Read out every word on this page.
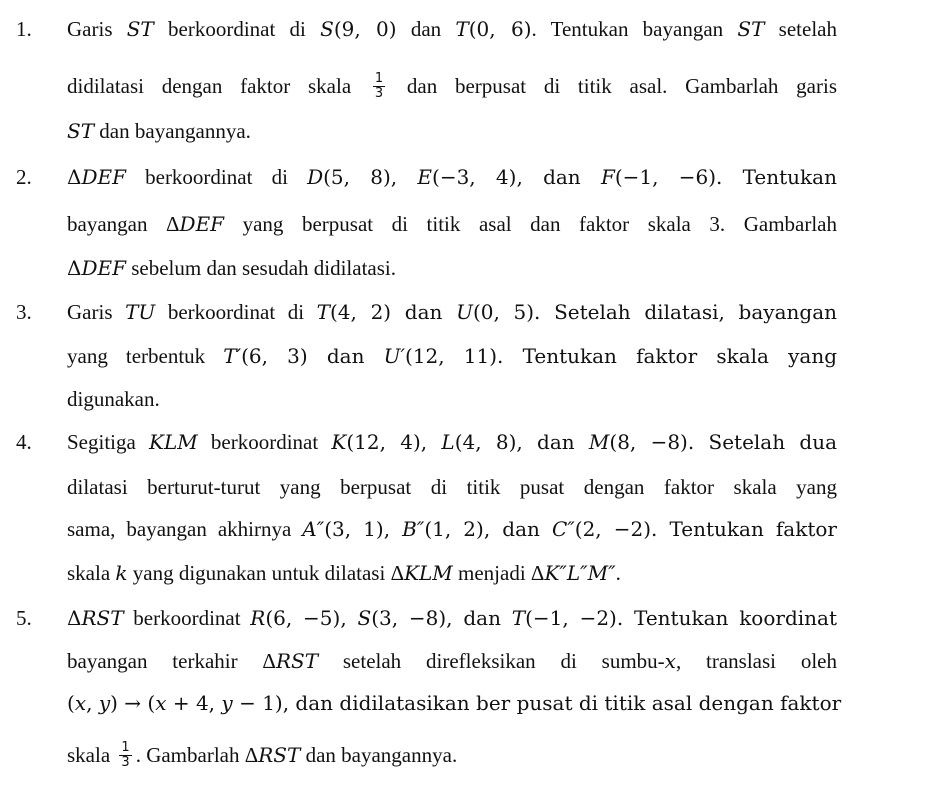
1. Garis ST berkoordinat di S(9, 0) dan T(0, 6). Tentukan bayangan ST setelah
didilatasi dengan faktor skala $\frac{1}{3}$ dan berpusat di titik asal. Gambarlah garis
ST dan bayangannya.
2. ΔDEF berkoordinat di D(5, 8), E(−3, 4), dan F(−1, −6). Tentukan
bayangan ΔDEF yang berpusat di titik asal dan faktor skala 3. Gambarlah
ΔDEF sebelum dan sesudah didilatasi.
3. Garis TU berkoordinat di T(4, 2) dan U(0, 5). Setelah dilatasi, bayangan
yang terbentuk T′(6, 3) dan U′(12, 11). Tentukan faktor skala yang
digunakan.
4. Segitiga KLM berkoordinat K(12, 4), L(4, 8), dan M(8, −8). Setelah dua
dilatasi berturut-turut yang berpusat di titik pusat dengan faktor skala yang
sama, bayangan akhirnya A″(3, 1), B″(1, 2), dan C″(2, −2). Tentukan faktor
skala k yang digunakan untuk dilatasi ΔKLM menjadi ΔK″L″M″.
5. ΔRST berkoordinat R(6, −5), S(3, −8), dan T(−1, −2). Tentukan koordinat
bayangan terkahir ΔRST setelah direfleksikan di sumbu-x, translasi oleh
(x, y) → (x + 4, y − 1), dan didilatasikan ber pusat di titik asal dengan faktor
skala $\frac{1}{3}$ . Gambarlah ΔRST dan bayangannya.
